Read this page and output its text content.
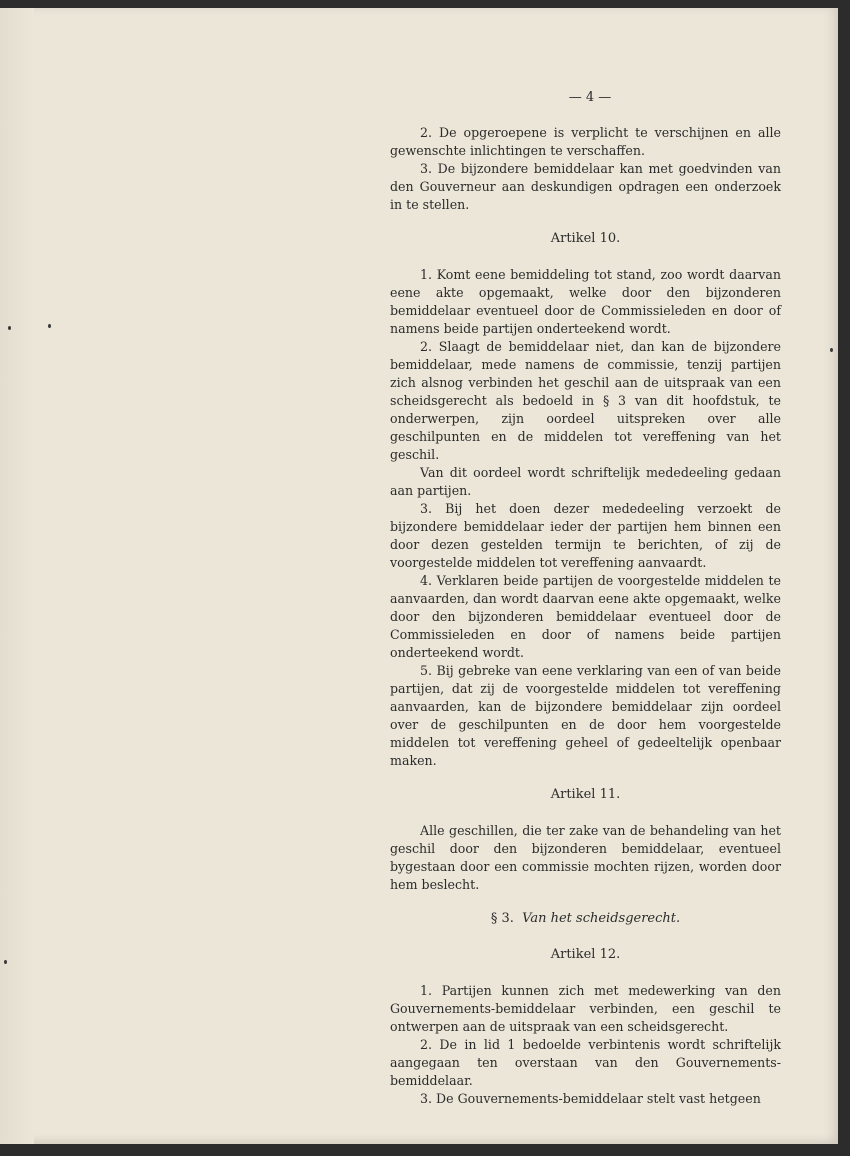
— 4 —

2. De opgeroepene is verplicht te verschijnen en alle gewenschte inlichtingen te verschaffen.

3. De bijzondere bemiddelaar kan met goedvinden van den Gouverneur aan deskundigen opdragen een onderzoek in te stellen.

Artikel 10.

1. Komt eene bemiddeling tot stand, zoo wordt daarvan eene akte opgemaakt, welke door den bijzonderen bemiddelaar eventueel door de Commissieleden en door of namens beide partijen onderteekend wordt.

2. Slaagt de bemiddelaar niet, dan kan de bijzondere bemiddelaar, mede namens de commissie, tenzij partijen zich alsnog verbinden het geschil aan de uitspraak van een scheidsgerecht als bedoeld in § 3 van dit hoofdstuk, te onderwerpen, zijn oordeel uitspreken over alle geschilpunten en de middelen tot vereffening van het geschil.

Van dit oordeel wordt schriftelijk mededeeling gedaan aan partijen.

3. Bij het doen dezer mededeeling verzoekt de bijzondere bemiddelaar ieder der partijen hem binnen een door dezen gestelden termijn te berichten, of zij de voorgestelde middelen tot vereffening aanvaardt.

4. Verklaren beide partijen de voorgestelde middelen te aanvaarden, dan wordt daarvan eene akte opgemaakt, welke door den bijzonderen bemiddelaar eventueel door de Commissieleden en door of namens beide partijen onderteekend wordt.

5. Bij gebreke van eene verklaring van een of van beide partijen, dat zij de voorgestelde middelen tot vereffening aanvaarden, kan de bijzondere bemiddelaar zijn oordeel over de geschilpunten en de door hem voorgestelde middelen tot vereffening geheel of gedeeltelijk openbaar maken.

Artikel 11.

Alle geschillen, die ter zake van de behandeling van het geschil door den bijzonderen bemiddelaar, eventueel bygestaan door een commissie mochten rijzen, worden door hem beslecht.

§ 3. Van het scheidsgerecht.
Artikel 12.

1. Partijen kunnen zich met medewerking van den Gouvernements-bemiddelaar verbinden, een geschil te ontwerpen aan de uitspraak van een scheidsgerecht.

2. De in lid 1 bedoelde verbintenis wordt schriftelijk aangegaan ten overstaan van den Gouvernements-bemiddelaar.

3. De Gouvernements-bemiddelaar stelt vast hetgeen
